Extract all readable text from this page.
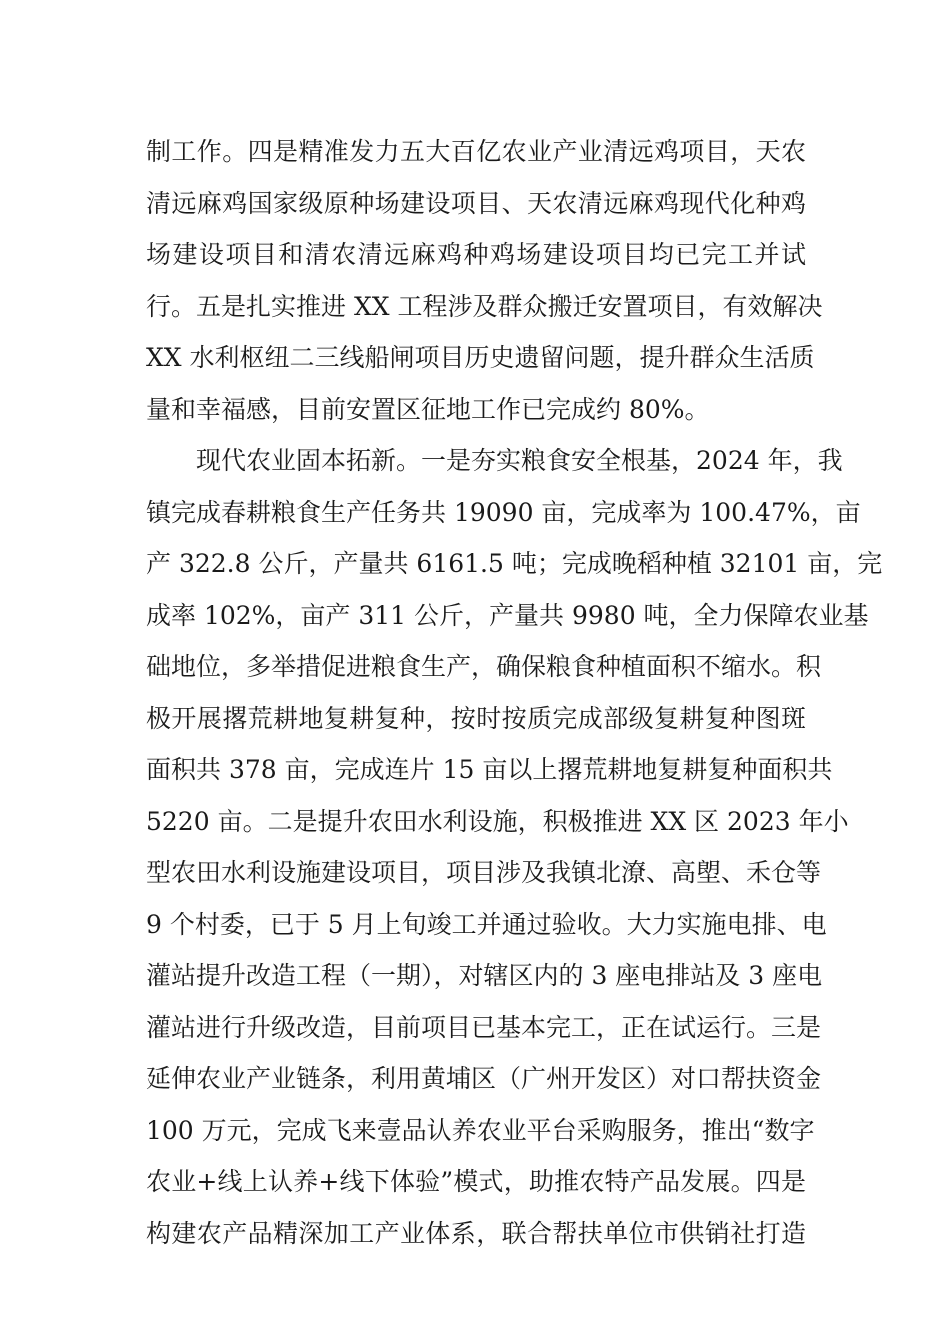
制工作。四是精准发力五大百亿农业产业清远鸡项目，天农
清远麻鸡国家级原种场建设项目、天农清远麻鸡现代化种鸡
场建设项目和清农清远麻鸡种鸡场建设项目均已完工并试
行。五是扎实推进 XX 工程涉及群众搬迁安置项目，有效解决
XX 水利枢纽二三线船闸项目历史遗留问题，提升群众生活质
量和幸福感，目前安置区征地工作已完成约 80%。
现代农业固本拓新。一是夯实粮食安全根基，2024 年，我
镇完成春耕粮食生产任务共 19090 亩，完成率为 100.47%，亩
产 322.8 公斤，产量共 6161.5 吨；完成晚稻种植 32101 亩，完
成率 102%，亩产 311 公斤，产量共 9980 吨，全力保障农业基
础地位，多举措促进粮食生产，确保粮食种植面积不缩水。积
极开展撂荒耕地复耕复种，按时按质完成部级复耕复种图斑
面积共 378 亩，完成连片 15 亩以上撂荒耕地复耕复种面积共
5220 亩。二是提升农田水利设施，积极推进 XX 区 2023 年小
型农田水利设施建设项目，项目涉及我镇北潦、高塱、禾仓等
9 个村委，已于 5 月上旬竣工并通过验收。大力实施电排、电
灌站提升改造工程（一期），对辖区内的 3 座电排站及 3 座电
灌站进行升级改造，目前项目已基本完工，正在试运行。三是
延伸农业产业链条，利用黄埔区（广州开发区）对口帮扶资金
100 万元，完成飞来壹品认养农业平台采购服务，推出“数字
农业+线上认养+线下体验”模式，助推农特产品发展。四是
构建农产品精深加工产业体系，联合帮扶单位市供销社打造
